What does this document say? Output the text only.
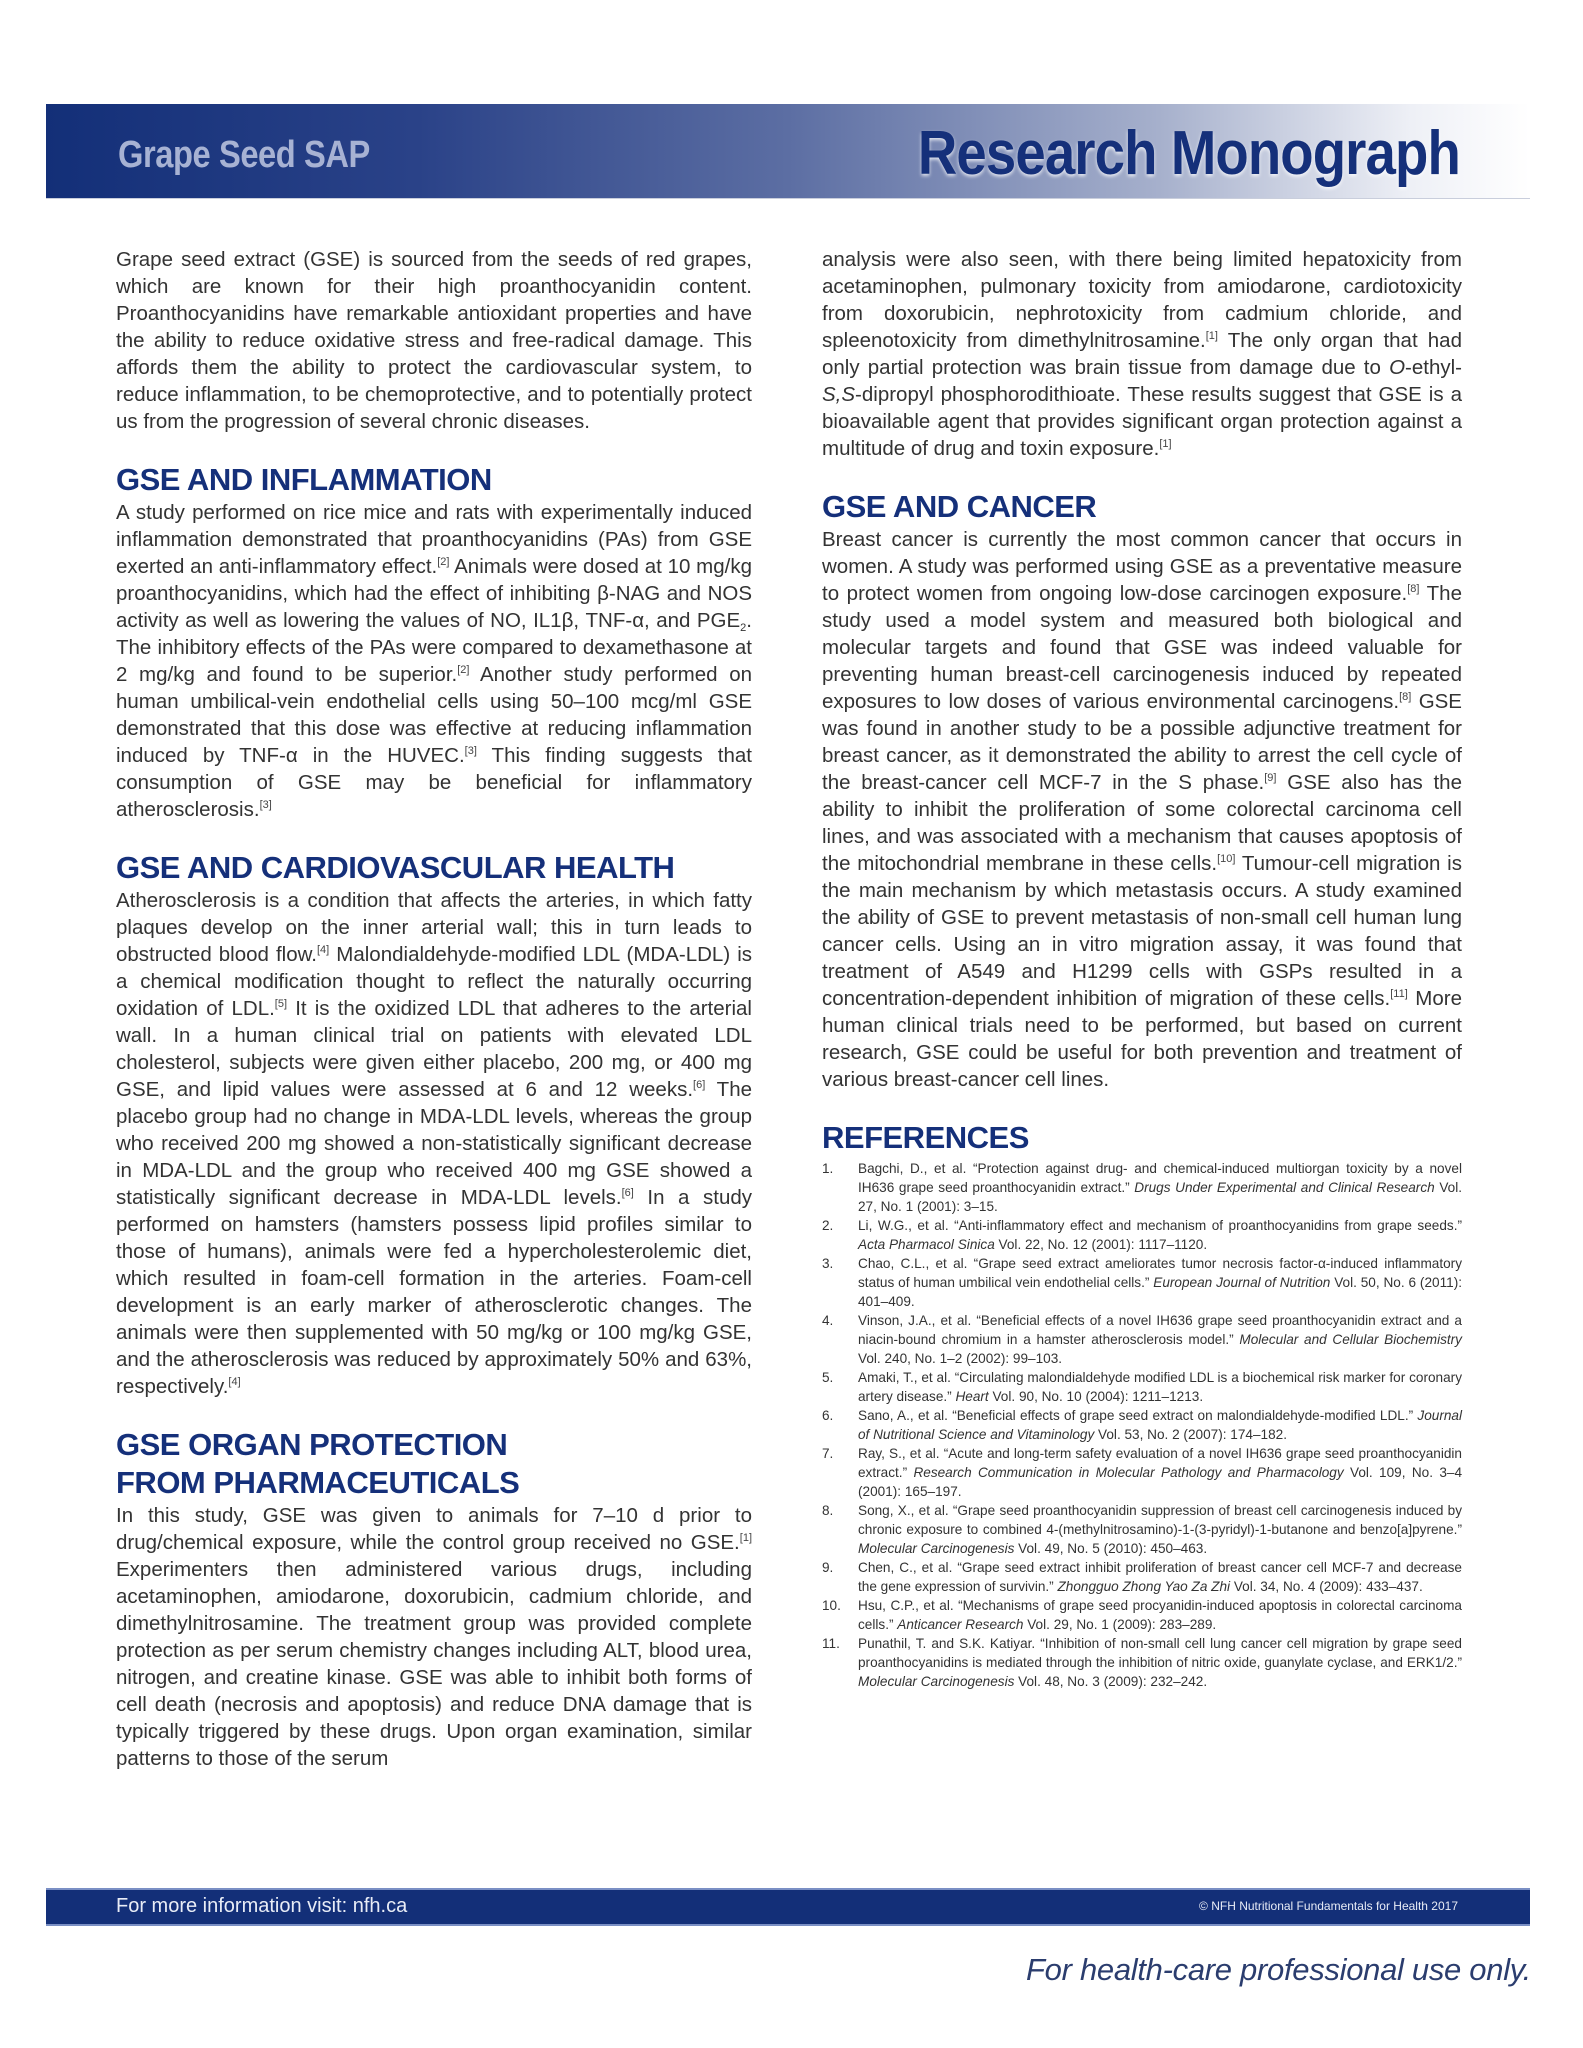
Grape Seed SAP	Research Monograph

Grape seed extract (GSE) is sourced from the seeds of red grapes, which are known for their high proanthocyanidin content. Proanthocyanidins have remarkable antioxidant properties and have the ability to reduce oxidative stress and free-radical damage. This affords them the ability to protect the cardiovascular system, to reduce inflammation, to be chemoprotective, and to potentially protect us from the progression of several chronic diseases.

GSE AND INFLAMMATION

A study performed on rice mice and rats with experimentally induced inflammation demonstrated that proanthocyanidins (PAs) from GSE exerted an anti-inflammatory effect.[2] Animals were dosed at 10 mg/kg proanthocyanidins, which had the effect of inhibiting β-NAG and NOS activity as well as lowering the values of NO, IL1β, TNF-α, and $PGE_2$. The inhibitory effects of the PAs were compared to dexamethasone at 2 mg/kg and found to be superior.[2] Another study performed on human umbilical-vein endothelial cells using 50–100 mcg/ml GSE demonstrated that this dose was effective at reducing inflammation induced by TNF-α in the HUVEC.[3] This finding suggests that consumption of GSE may be beneficial for inflammatory atherosclerosis.[3]

GSE AND CARDIOVASCULAR HEALTH

Atherosclerosis is a condition that affects the arteries, in which fatty plaques develop on the inner arterial wall; this in turn leads to obstructed blood flow.[4] Malondialdehyde-modified LDL (MDA-LDL) is a chemical modification thought to reflect the naturally occurring oxidation of LDL.[5] It is the oxidized LDL that adheres to the arterial wall. In a human clinical trial on patients with elevated LDL cholesterol, subjects were given either placebo, 200 mg, or 400 mg GSE, and lipid values were assessed at 6 and 12 weeks.[6] The placebo group had no change in MDA-LDL levels, whereas the group who received 200 mg showed a non-statistically significant decrease in MDA-LDL and the group who received 400 mg GSE showed a statistically significant decrease in MDA-LDL levels.[6] In a study performed on hamsters (hamsters possess lipid profiles similar to those of humans), animals were fed a hypercholesterolemic diet, which resulted in foam-cell formation in the arteries. Foam-cell development is an early marker of atherosclerotic changes. The animals were then supplemented with 50 mg/kg or 100 mg/kg GSE, and the atherosclerosis was reduced by approximately 50% and 63%, respectively.[4]

GSE ORGAN PROTECTION FROM PHARMACEUTICALS

In this study, GSE was given to animals for 7–10 d prior to drug/chemical exposure, while the control group received no GSE.[1] Experimenters then administered various drugs, including acetaminophen, amiodarone, doxorubicin, cadmium chloride, and dimethylnitrosamine. The treatment group was provided complete protection as per serum chemistry changes including ALT, blood urea, nitrogen, and creatine kinase. GSE was able to inhibit both forms of cell death (necrosis and apoptosis) and reduce DNA damage that is typically triggered by these drugs. Upon organ examination, similar patterns to those of the serum

analysis were also seen, with there being limited hepatoxicity from acetaminophen, pulmonary toxicity from amiodarone, cardiotoxicity from doxorubicin, nephrotoxicity from cadmium chloride, and spleenotoxicity from dimethylnitrosamine.[1] The only organ that had only partial protection was brain tissue from damage due to O-ethyl-S,S-dipropyl phosphorodithioate. These results suggest that GSE is a bioavailable agent that provides significant organ protection against a multitude of drug and toxin exposure.[1]

GSE AND CANCER

Breast cancer is currently the most common cancer that occurs in women. A study was performed using GSE as a preventative measure to protect women from ongoing low-dose carcinogen exposure.[8] The study used a model system and measured both biological and molecular targets and found that GSE was indeed valuable for preventing human breast-cell carcinogenesis induced by repeated exposures to low doses of various environmental carcinogens.[8] GSE was found in another study to be a possible adjunctive treatment for breast cancer, as it demonstrated the ability to arrest the cell cycle of the breast-cancer cell MCF-7 in the S phase.[9] GSE also has the ability to inhibit the proliferation of some colorectal carcinoma cell lines, and was associated with a mechanism that causes apoptosis of the mitochondrial membrane in these cells.[10] Tumour-cell migration is the main mechanism by which metastasis occurs. A study examined the ability of GSE to prevent metastasis of non-small cell human lung cancer cells. Using an in vitro migration assay, it was found that treatment of A549 and H1299 cells with GSPs resulted in a concentration-dependent inhibition of migration of these cells.[11] More human clinical trials need to be performed, but based on current research, GSE could be useful for both prevention and treatment of various breast-cancer cell lines.

REFERENCES
1. Bagchi, D., et al. “Protection against drug- and chemical-induced multiorgan toxicity by a novel IH636 grape seed proanthocyanidin extract.” Drugs Under Experimental and Clinical Research Vol. 27, No. 1 (2001): 3–15.
2. Li, W.G., et al. “Anti-inflammatory effect and mechanism of proanthocyanidins from grape seeds.” Acta Pharmacol Sinica Vol. 22, No. 12 (2001): 1117–1120.
3. Chao, C.L., et al. “Grape seed extract ameliorates tumor necrosis factor-α-induced inflammatory status of human umbilical vein endothelial cells.” European Journal of Nutrition Vol. 50, No. 6 (2011): 401–409.
4. Vinson, J.A., et al. “Beneficial effects of a novel IH636 grape seed proanthocyanidin extract and a niacin-bound chromium in a hamster atherosclerosis model.” Molecular and Cellular Biochemistry Vol. 240, No. 1–2 (2002): 99–103.
5. Amaki, T., et al. “Circulating malondialdehyde modified LDL is a biochemical risk marker for coronary artery disease.” Heart Vol. 90, No. 10 (2004): 1211–1213.
6. Sano, A., et al. “Beneficial effects of grape seed extract on malondialdehyde-modified LDL.” Journal of Nutritional Science and Vitaminology Vol. 53, No. 2 (2007): 174–182.
7. Ray, S., et al. “Acute and long-term safety evaluation of a novel IH636 grape seed proanthocyanidin extract.” Research Communication in Molecular Pathology and Pharmacology Vol. 109, No. 3–4 (2001): 165–197.
8. Song, X., et al. “Grape seed proanthocyanidin suppression of breast cell carcinogenesis induced by chronic exposure to combined 4-(methylnitrosamino)-1-(3-pyridyl)-1-butanone and benzo[a]pyrene.” Molecular Carcinogenesis Vol. 49, No. 5 (2010): 450–463.
9. Chen, C., et al. “Grape seed extract inhibit proliferation of breast cancer cell MCF-7 and decrease the gene expression of survivin.” Zhongguo Zhong Yao Za Zhi Vol. 34, No. 4 (2009): 433–437.
10. Hsu, C.P., et al. “Mechanisms of grape seed procyanidin-induced apoptosis in colorectal carcinoma cells.” Anticancer Research Vol. 29, No. 1 (2009): 283–289.
11. Punathil, T. and S.K. Katiyar. “Inhibition of non-small cell lung cancer cell migration by grape seed proanthocyanidins is mediated through the inhibition of nitric oxide, guanylate cyclase, and ERK1/2.” Molecular Carcinogenesis Vol. 48, No. 3 (2009): 232–242.
For more information visit: nfh.ca	© NFH Nutritional Fundamentals for Health 2017
For health-care professional use only.
